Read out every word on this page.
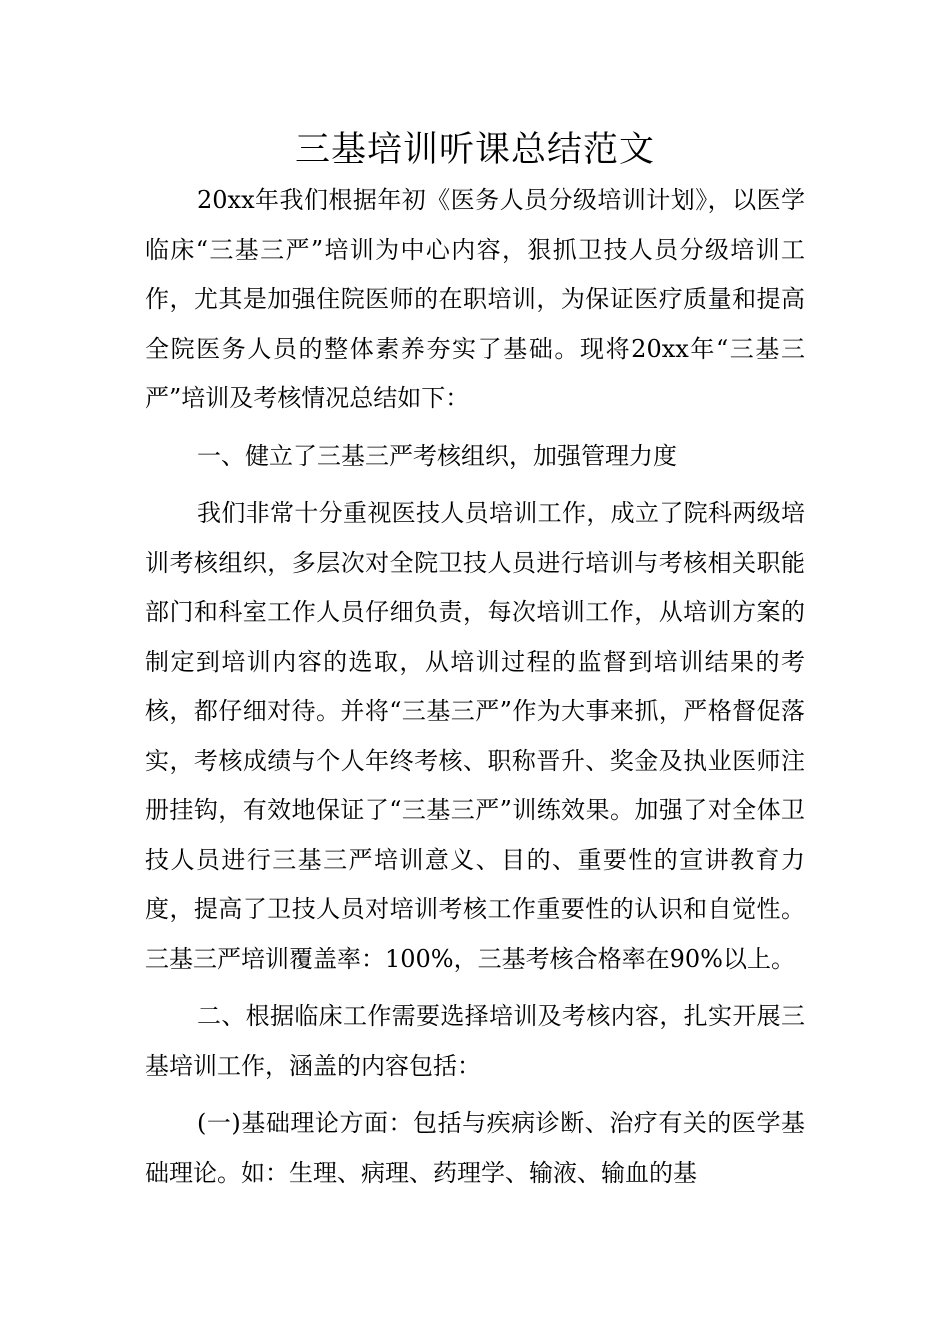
三基培训听课总结范文

20xx年我们根据年初《医务人员分级培训计划》，以医学临床“三基三严”培训为中心内容，狠抓卫技人员分级培训工作，尤其是加强住院医师的在职培训，为保证医疗质量和提高全院医务人员的整体素养夯实了基础。现将20xx年“三基三严”培训及考核情况总结如下：

一、健立了三基三严考核组织，加强管理力度

我们非常十分重视医技人员培训工作，成立了院科两级培训考核组织，多层次对全院卫技人员进行培训与考核相关职能部门和科室工作人员仔细负责，每次培训工作，从培训方案的制定到培训内容的选取，从培训过程的监督到培训结果的考核，都仔细对待。并将“三基三严”作为大事来抓，严格督促落实，考核成绩与个人年终考核、职称晋升、奖金及执业医师注册挂钩，有效地保证了“三基三严”训练效果。加强了对全体卫技人员进行三基三严培训意义、目的、重要性的宣讲教育力度，提高了卫技人员对培训考核工作重要性的认识和自觉性。三基三严培训覆盖率：100%，三基考核合格率在90%以上。

二、根据临床工作需要选择培训及考核内容，扎实开展三基培训工作，涵盖的内容包括：

(一)基础理论方面：包括与疾病诊断、治疗有关的医学基础理论。如：生理、病理、药理学、输液、输血的基
